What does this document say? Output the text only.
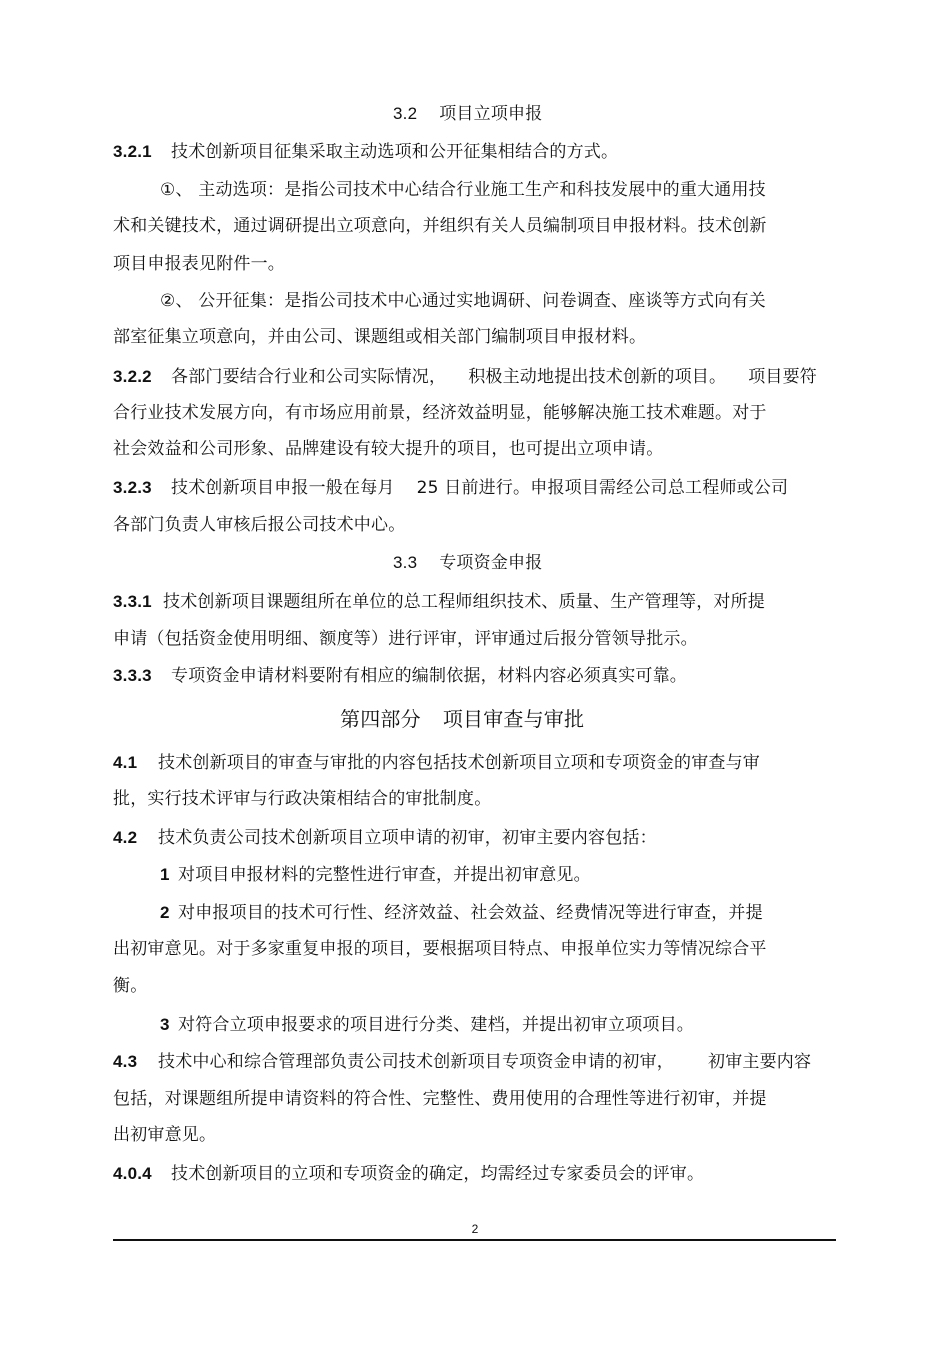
3.2 项目立项申报
3.2.1 技术创新项目征集采取主动选项和公开征集相结合的方式。
①、 主动选项：是指公司技术中心结合行业施工生产和科技发展中的重大通用技
术和关键技术，通过调研提出立项意向，并组织有关人员编制项目申报材料。技术创新
项目申报表见附件一。
②、 公开征集：是指公司技术中心通过实地调研、问卷调查、座谈等方式向有关
部室征集立项意向，并由公司、课题组或相关部门编制项目申报材料。
3.2.2 各部门要结合行业和公司实际情况， 积极主动地提出技术创新的项目。 项目要符
合行业技术发展方向，有市场应用前景，经济效益明显，能够解决施工技术难题。对于
社会效益和公司形象、品牌建设有较大提升的项目，也可提出立项申请。
3.2.3 技术创新项目申报一般在每月 25 日前进行。申报项目需经公司总工程师或公司
各部门负责人审核后报公司技术中心。
3.3 专项资金申报
3.3.1 技术创新项目课题组所在单位的总工程师组织技术、质量、生产管理等，对所提
申请（包括资金使用明细、额度等）进行评审，评审通过后报分管领导批示。
3.3.3 专项资金申请材料要附有相应的编制依据，材料内容必须真实可靠。
第四部分 项目审查与审批
4.1 技术创新项目的审查与审批的内容包括技术创新项目立项和专项资金的审查与审
批，实行技术评审与行政决策相结合的审批制度。
4.2 技术负责公司技术创新项目立项申请的初审，初审主要内容包括：
1 对项目申报材料的完整性进行审查，并提出初审意见。
2 对申报项目的技术可行性、经济效益、社会效益、经费情况等进行审查，并提
出初审意见。对于多家重复申报的项目，要根据项目特点、申报单位实力等情况综合平
衡。
3 对符合立项申报要求的项目进行分类、建档，并提出初审立项项目。
4.3 技术中心和综合管理部负责公司技术创新项目专项资金申请的初审， 初审主要内容
包括，对课题组所提申请资料的符合性、完整性、费用使用的合理性等进行初审，并提
出初审意见。
4.0.4 技术创新项目的立项和专项资金的确定，均需经过专家委员会的评审。
2
